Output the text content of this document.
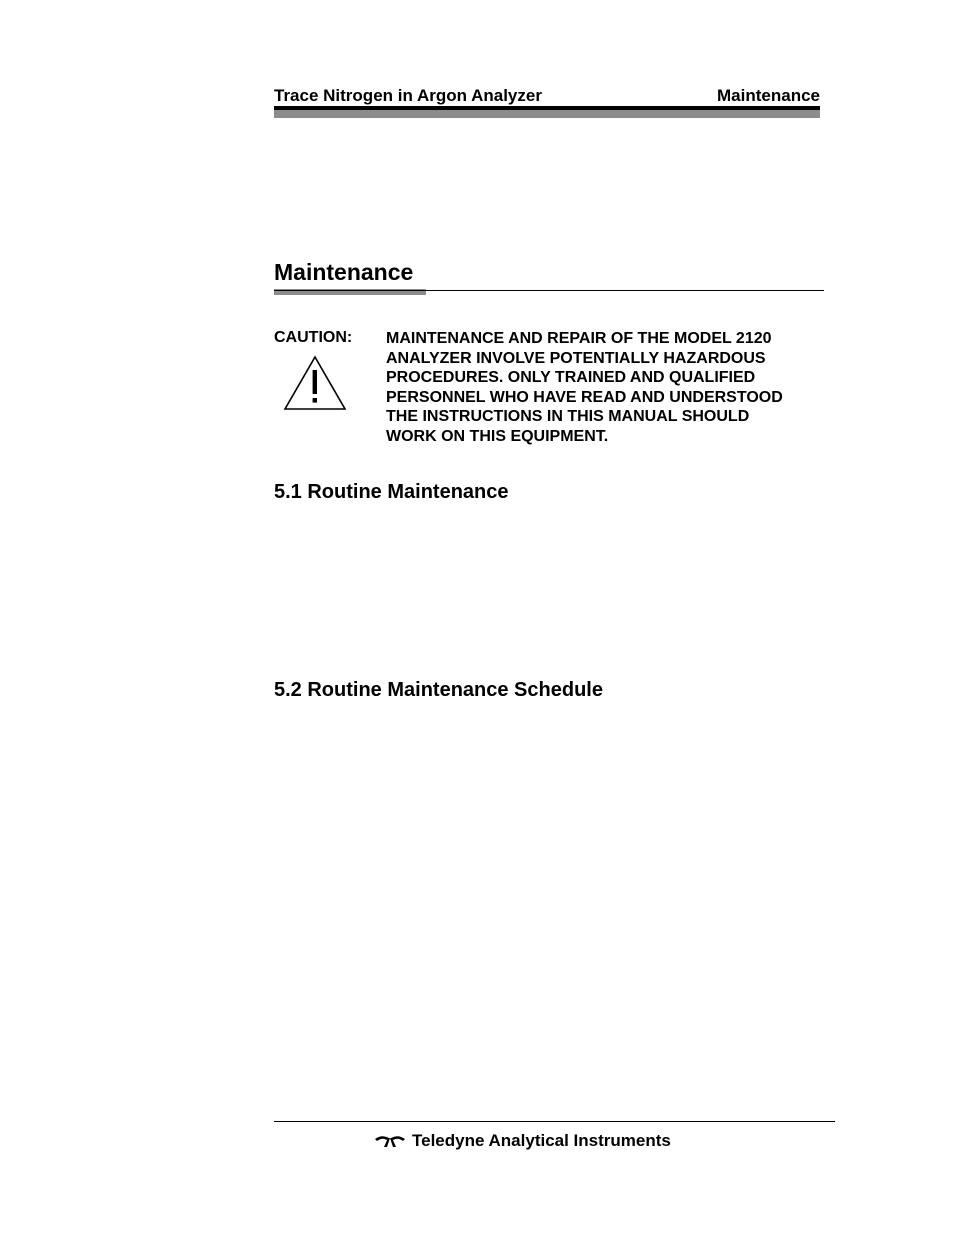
Trace Nitrogen in Argon Analyzer	Maintenance
Maintenance
CAUTION: MAINTENANCE AND REPAIR OF THE MODEL 2120
ANALYZER INVOLVE POTENTIALLY HAZARDOUS
PROCEDURES. ONLY TRAINED AND QUALIFIED
PERSONNEL WHO HAVE READ AND UNDERSTOOD
THE INSTRUCTIONS IN THIS MANUAL SHOULD
WORK ON THIS EQUIPMENT.
5.1 Routine Maintenance
5.2 Routine Maintenance Schedule
Teledyne Analytical Instruments
